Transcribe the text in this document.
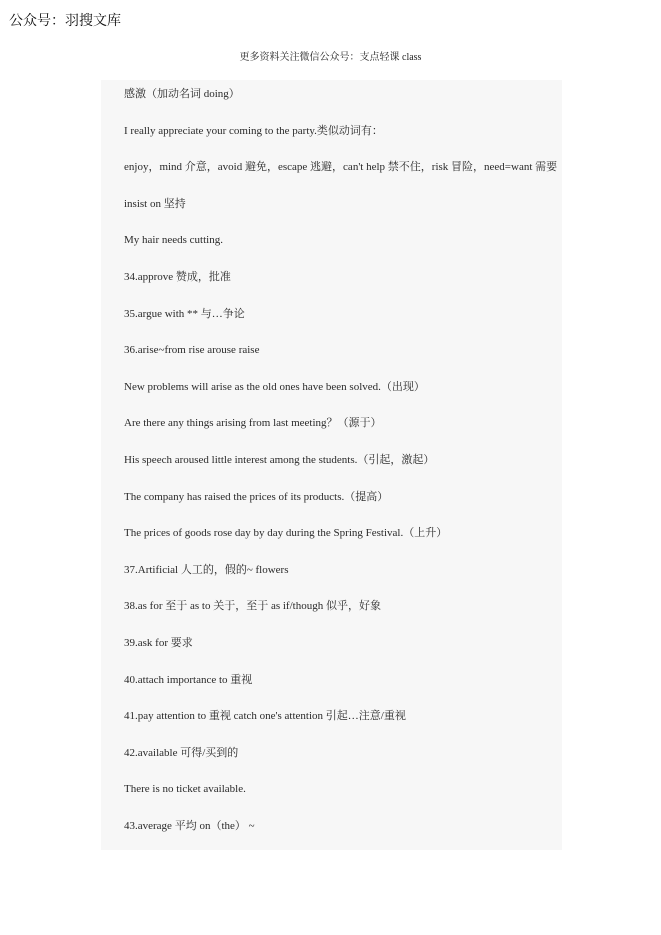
公众号：羽搜文库
更多资料关注微信公众号：支点轻课 class
感激（加动名词 doing）
I really appreciate your coming to the party.类似动词有：
enjoy，mind 介意，avoid 避免，escape 逃避，can't help 禁不住，risk 冒险，need=want 需要
insist on 坚持
My hair needs cutting.
34.approve 赞成，批准
35.argue with ** 与…争论
36.arise~from rise arouse raise
New problems will arise as the old ones have been solved.（出现）
Are there any things arising from last meeting？（源于）
His speech aroused little interest among the students.（引起，激起）
The company has raised the prices of its products.（提高）
The prices of goods rose day by day during the Spring Festival.（上升）
37.Artificial 人工的，假的~ flowers
38.as for 至于 as to 关于，至于 as if/though 似乎，好象
39.ask for 要求
40.attach importance to 重视
41.pay attention to 重视 catch one's attention 引起…注意/重视
42.available 可得/买到的
There is no ticket available.
43.average 平均 on（the） ~
